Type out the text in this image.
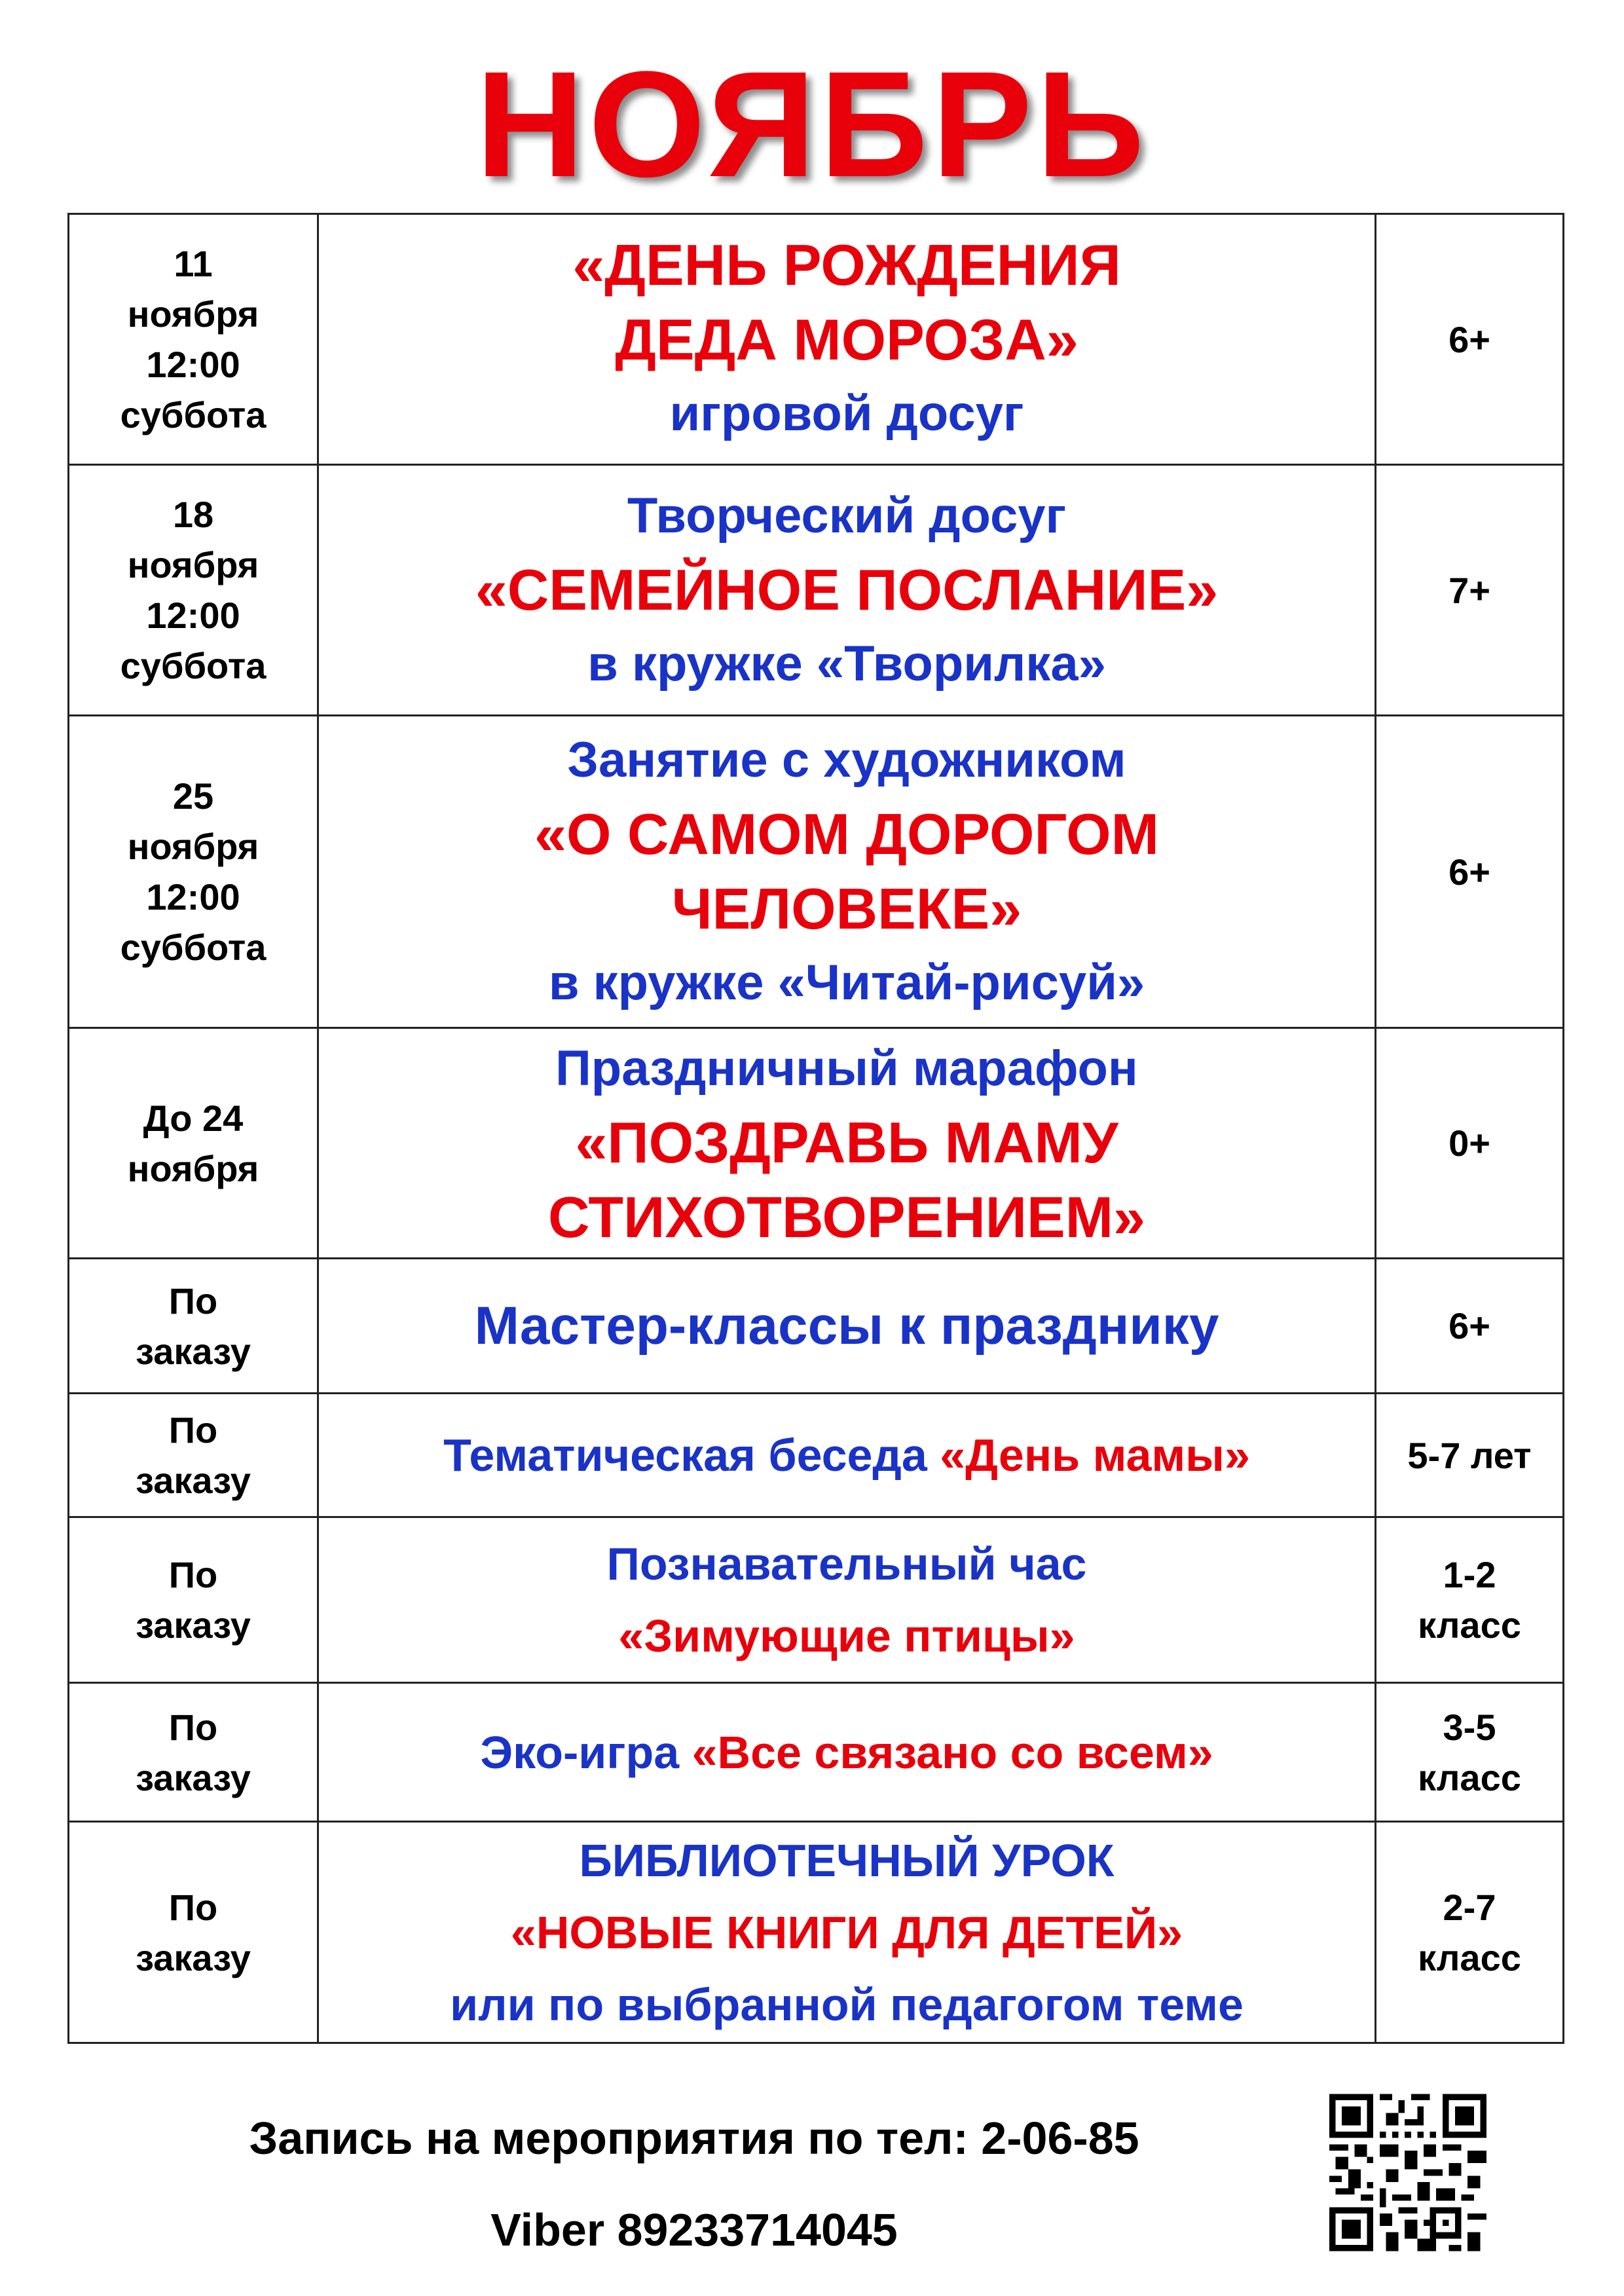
НОЯБРЬ
11
ноября
12:00
суббота	«ДЕНЬ РОЖДЕНИЯ
ДЕДА МОРОЗА»
игровой досуг	6+

18
ноября
12:00
суббота	Творческий досуг
«СЕМЕЙНОЕ ПОСЛАНИЕ»
в кружке «Творилка»	7+

25
ноября
12:00
суббота	Занятие с художником
«О САМОМ ДОРОГОМ
ЧЕЛОВЕКЕ»
в кружке «Читай-рисуй»	6+

До 24
ноября	Праздничный марафон
«ПОЗДРАВЬ МАМУ
СТИХОТВОРЕНИЕМ»	0+

По
заказу	Мастер-классы к празднику	6+

По
заказу	Тематическая беседа «День мамы»	5-7 лет

По
заказу	Познавательный час
«Зимующие птицы»	1-2
класс

По
заказу	Эко-игра «Все связано со всем»	3-5
класс

По
заказу	БИБЛИОТЕЧНЫЙ УРОК
«НОВЫЕ КНИГИ ДЛЯ ДЕТЕЙ»
или по выбранной педагогом теме	2-7
класс
Запись на мероприятия по тел: 2-06-85
Viber 89233714045
